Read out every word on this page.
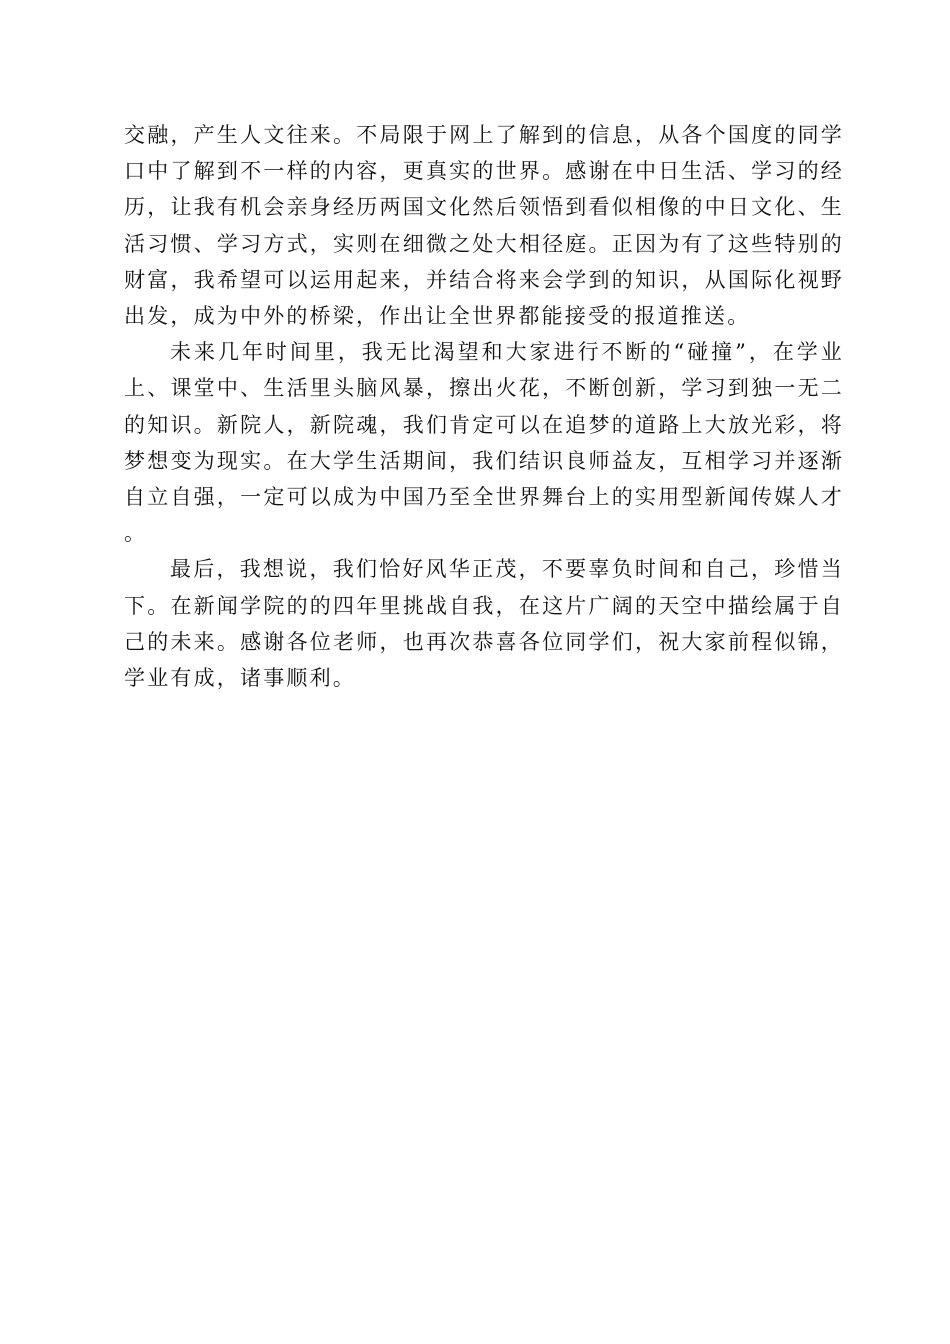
交融，产生人文往来。不局限于网上了解到的信息，从各个国度的同学口中了解到不一样的内容，更真实的世界。感谢在中日生活、学习的经历，让我有机会亲身经历两国文化然后领悟到看似相像的中日文化、生活习惯、学习方式，实则在细微之处大相径庭。正因为有了这些特别的财富，我希望可以运用起来，并结合将来会学到的知识，从国际化视野出发，成为中外的桥梁，作出让全世界都能接受的报道推送。

未来几年时间里，我无比渴望和大家进行不断的“碰撞”，在学业上、课堂中、生活里头脑风暴，擦出火花，不断创新，学习到独一无二的知识。新院人，新院魂，我们肯定可以在追梦的道路上大放光彩，将梦想变为现实。在大学生活期间，我们结识良师益友，互相学习并逐渐自立自强，一定可以成为中国乃至全世界舞台上的实用型新闻传媒人才。

最后，我想说，我们恰好风华正茂，不要辜负时间和自己，珍惜当下。在新闻学院的的四年里挑战自我，在这片广阔的天空中描绘属于自己的未来。感谢各位老师，也再次恭喜各位同学们，祝大家前程似锦，学业有成，诸事顺利。
